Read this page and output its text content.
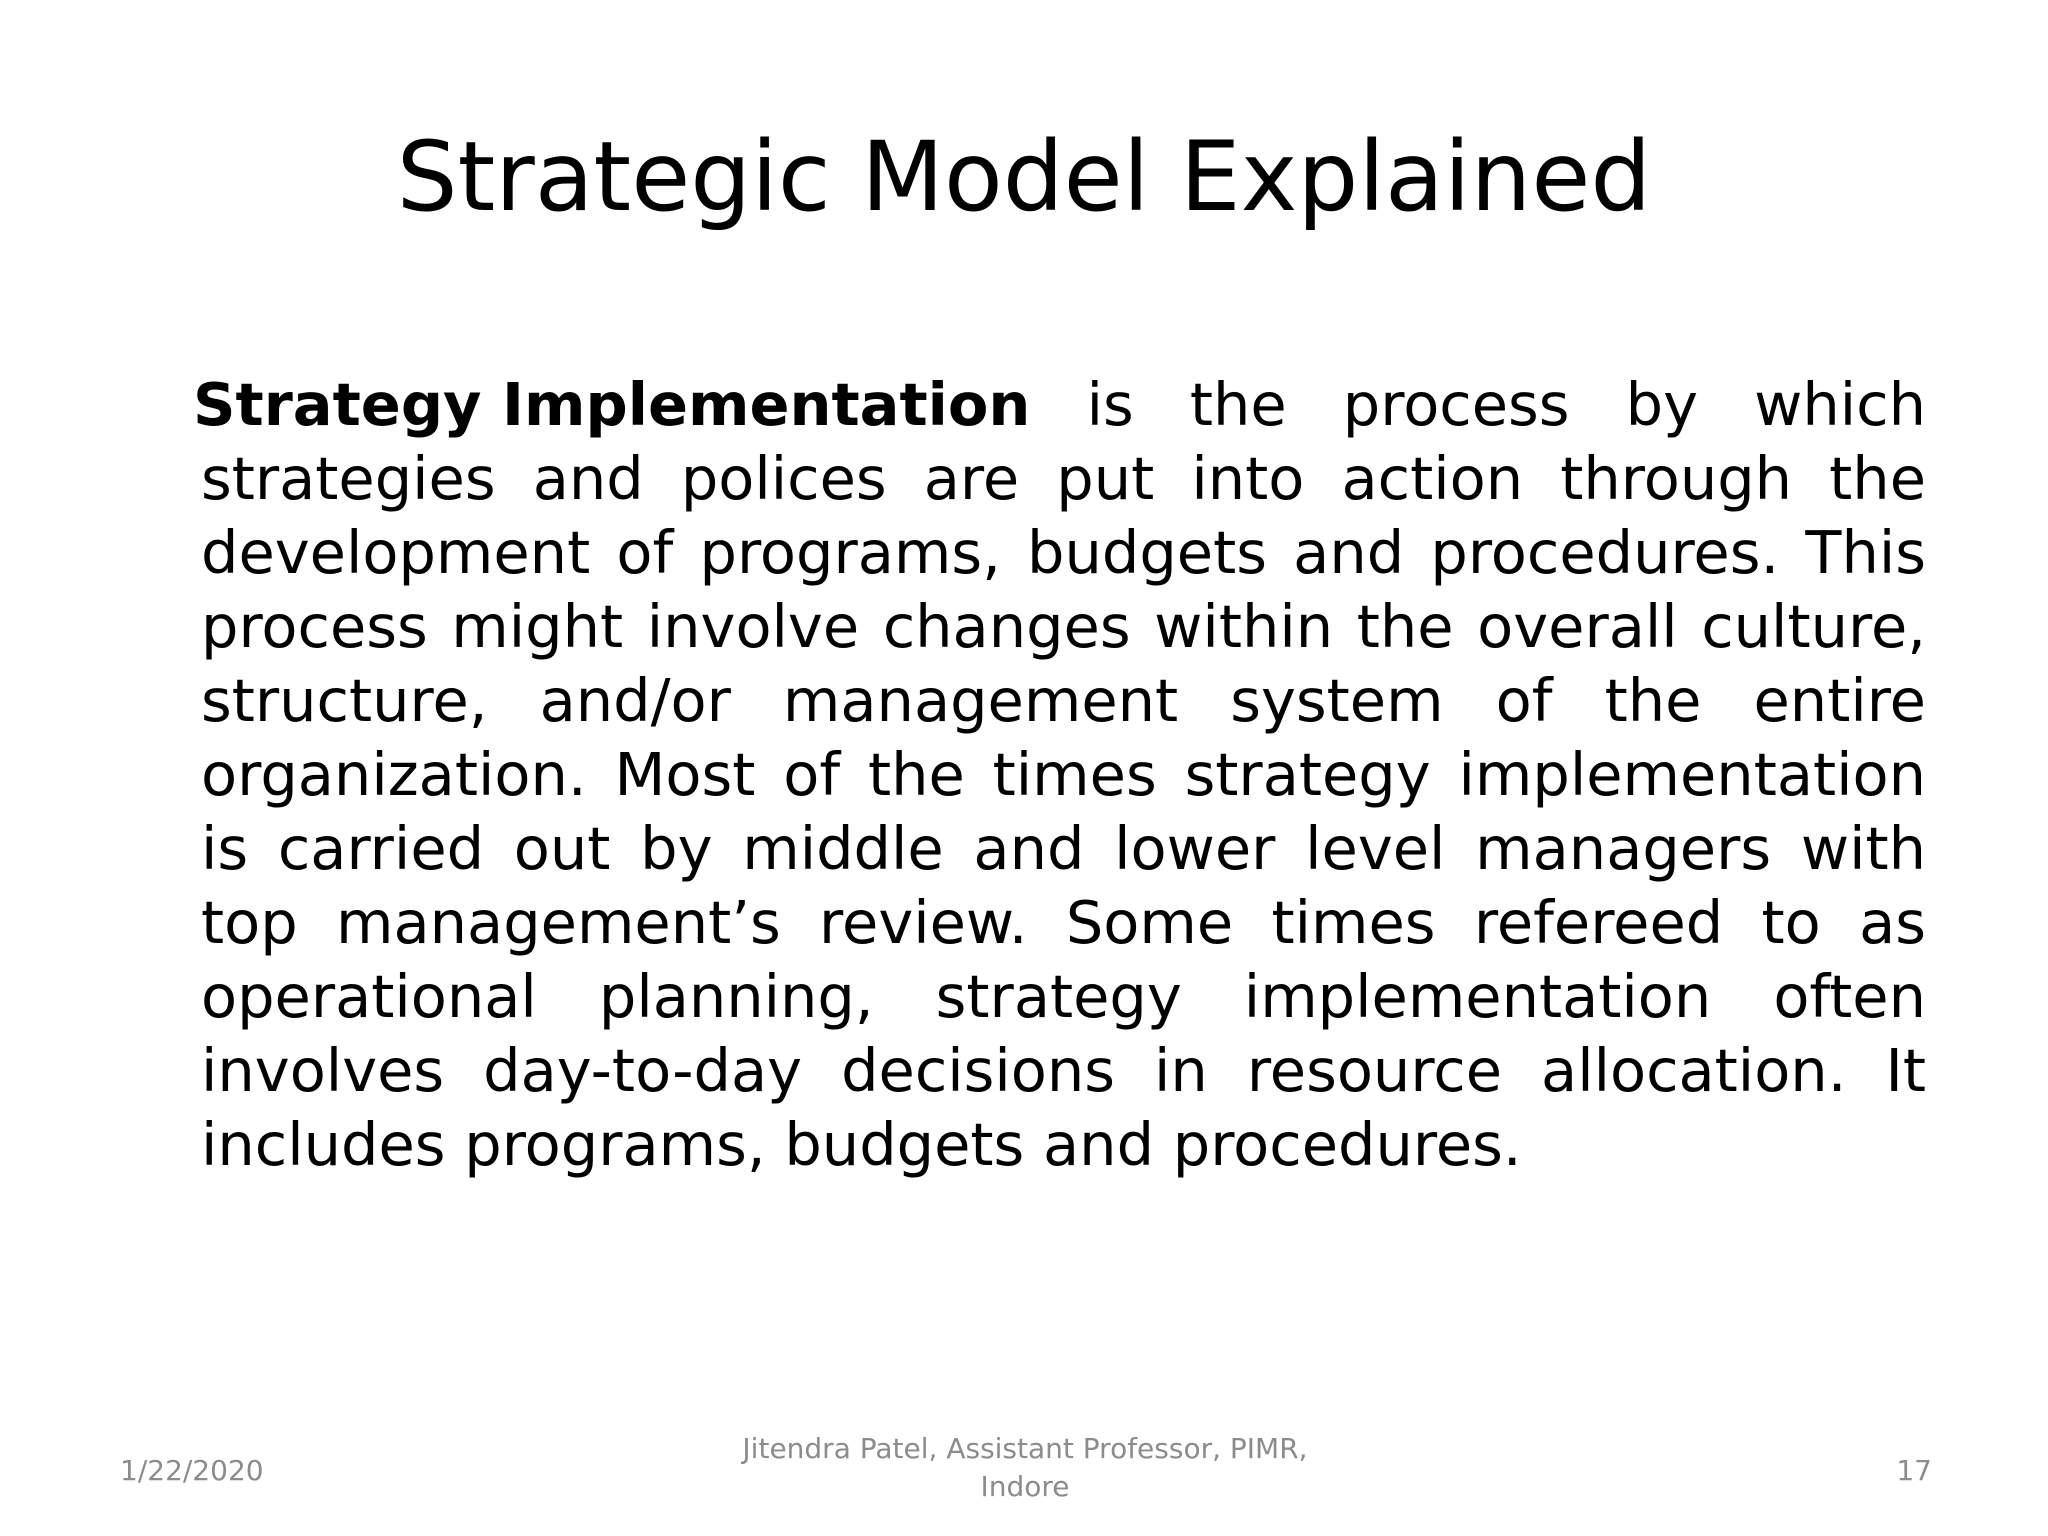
Strategic Model Explained

Strategy Implementation is the process by which strategies and polices are put into action through the development of programs, budgets and procedures. This process might involve changes within the overall culture, structure, and/or management system of the entire organization. Most of the times strategy implementation is carried out by middle and lower level managers with top management’s review. Some times refereed to as operational planning, strategy implementation often involves day-to-day decisions in resource allocation. It includes programs, budgets and procedures.

1/22/2020
Jitendra Patel, Assistant Professor, PIMR,
Indore	17
